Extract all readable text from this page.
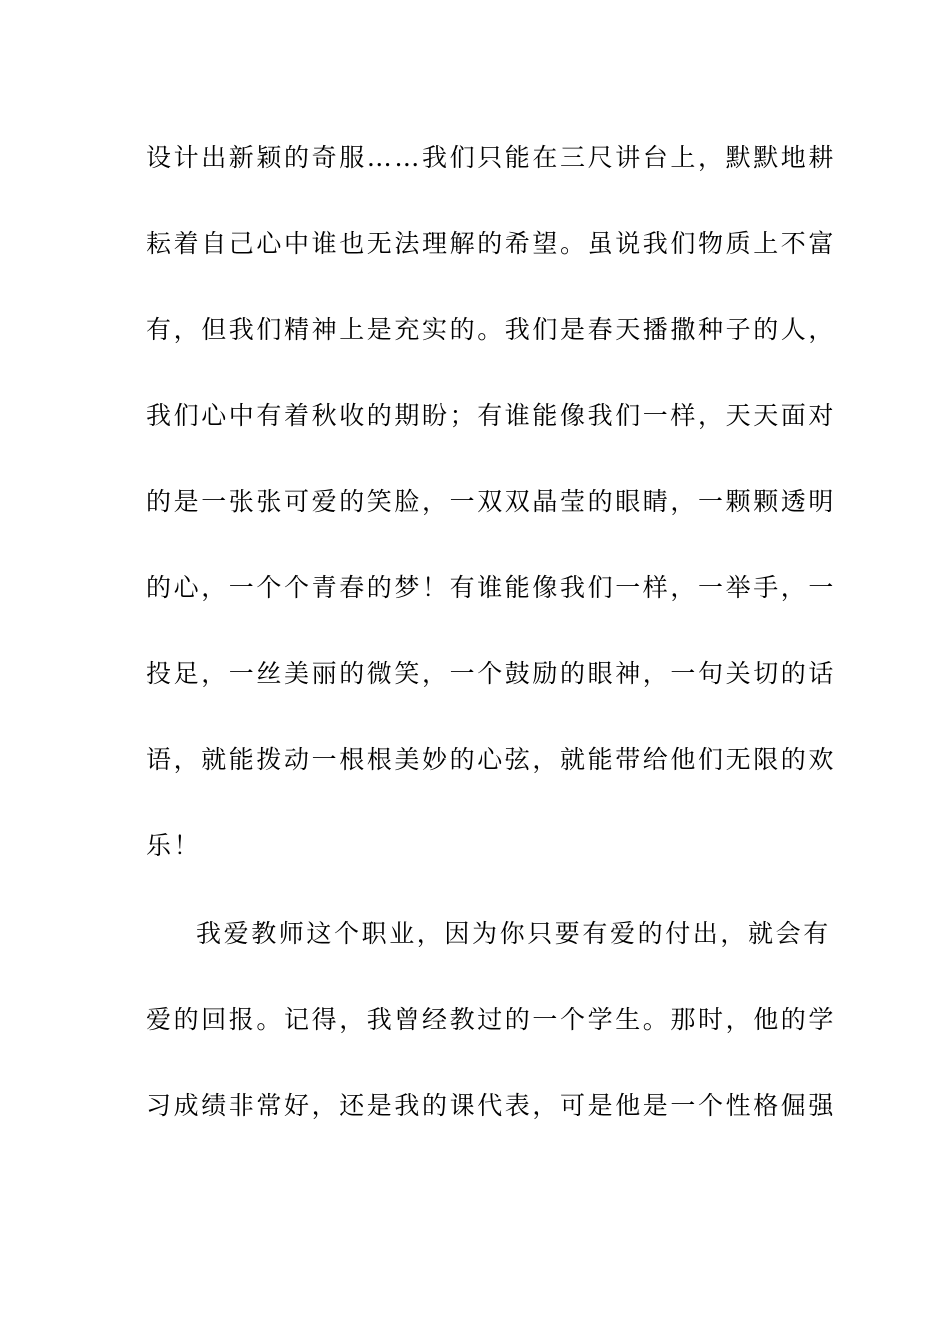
设计出新颖的奇服……我们只能在三尺讲台上，默默地耕
耘着自己心中谁也无法理解的希望。虽说我们物质上不富
有，但我们精神上是充实的。我们是春天播撒种子的人，
我们心中有着秋收的期盼；有谁能像我们一样，天天面对
的是一张张可爱的笑脸，一双双晶莹的眼睛，一颗颗透明
的心，一个个青春的梦！有谁能像我们一样，一举手，一
投足，一丝美丽的微笑，一个鼓励的眼神，一句关切的话
语，就能拨动一根根美妙的心弦，就能带给他们无限的欢
乐！
我爱教师这个职业，因为你只要有爱的付出，就会有
爱的回报。记得，我曾经教过的一个学生。那时，他的学
习成绩非常好，还是我的课代表，可是他是一个性格倔强
